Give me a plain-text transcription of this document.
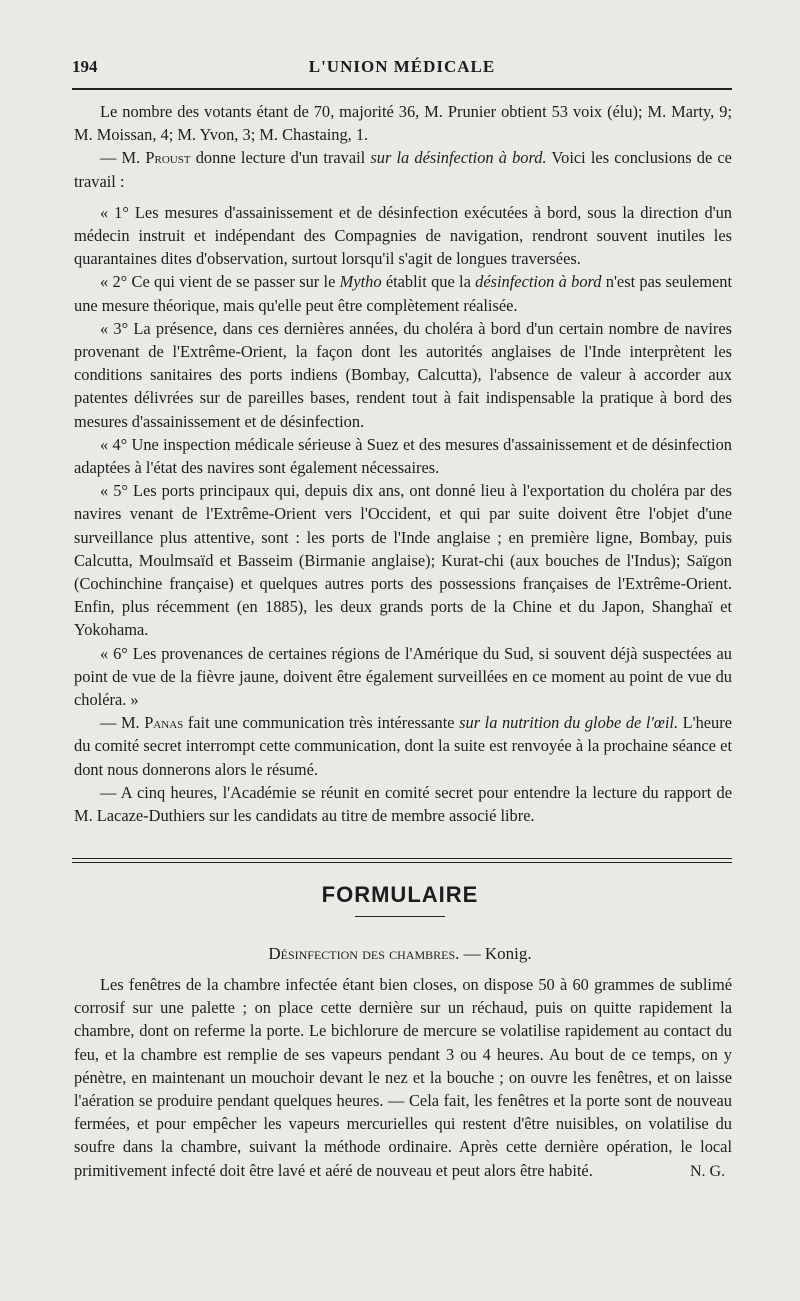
194	L'UNION MÉDICALE

Le nombre des votants étant de 70, majorité 36, M. Prunier obtient 53 voix (élu); M. Marty, 9; M. Moissan, 4; M. Yvon, 3; M. Chastaing, 1.

— M. Proust donne lecture d'un travail sur la désinfection à bord. Voici les conclusions de ce travail :

« 1° Les mesures d'assainissement et de désinfection exécutées à bord, sous la direction d'un médecin instruit et indépendant des Compagnies de navigation, rendront souvent inutiles les quarantaines dites d'observation, surtout lorsqu'il s'agit de longues traversées.

« 2° Ce qui vient de se passer sur le Mytho établit que la désinfection à bord n'est pas seulement une mesure théorique, mais qu'elle peut être complètement réalisée.

« 3° La présence, dans ces dernières années, du choléra à bord d'un certain nombre de navires provenant de l'Extrême-Orient, la façon dont les autorités anglaises de l'Inde interprètent les conditions sanitaires des ports indiens (Bombay, Calcutta), l'absence de valeur à accorder aux patentes délivrées sur de pareilles bases, rendent tout à fait indispensable la pratique à bord des mesures d'assainissement et de désinfection.

« 4° Une inspection médicale sérieuse à Suez et des mesures d'assainissement et de désinfection adaptées à l'état des navires sont également nécessaires.

« 5° Les ports principaux qui, depuis dix ans, ont donné lieu à l'exportation du choléra par des navires venant de l'Extrême-Orient vers l'Occident, et qui par suite doivent être l'objet d'une surveillance plus attentive, sont : les ports de l'Inde anglaise ; en première ligne, Bombay, puis Calcutta, Moulmsaïd et Basseim (Birmanie anglaise); Kurat-chi (aux bouches de l'Indus); Saïgon (Cochinchine française) et quelques autres ports des possessions françaises de l'Extrême-Orient. Enfin, plus récemment (en 1885), les deux grands ports de la Chine et du Japon, Shanghaï et Yokohama.

« 6° Les provenances de certaines régions de l'Amérique du Sud, si souvent déjà suspectées au point de vue de la fièvre jaune, doivent être également surveillées en ce moment au point de vue du choléra. »

— M. Panas fait une communication très intéressante sur la nutrition du globe de l'œil. L'heure du comité secret interrompt cette communication, dont la suite est renvoyée à la prochaine séance et dont nous donnerons alors le résumé.

— A cinq heures, l'Académie se réunit en comité secret pour entendre la lecture du rapport de M. Lacaze-Duthiers sur les candidats au titre de membre associé libre.

FORMULAIRE
Désinfection des chambres. — Konig.

Les fenêtres de la chambre infectée étant bien closes, on dispose 50 à 60 grammes de sublimé corrosif sur une palette ; on place cette dernière sur un réchaud, puis on quitte rapidement la chambre, dont on referme la porte. Le bichlorure de mercure se volatilise rapidement au contact du feu, et la chambre est remplie de ses vapeurs pendant 3 ou 4 heures. Au bout de ce temps, on y pénètre, en maintenant un mouchoir devant le nez et la bouche ; on ouvre les fenêtres, et on laisse l'aération se produire pendant quelques heures. — Cela fait, les fenêtres et la porte sont de nouveau fermées, et pour empêcher les vapeurs mercurielles qui restent d'être nuisibles, on volatilise du soufre dans la chambre, suivant la méthode ordinaire. Après cette dernière opération, le local primitivement infecté doit être lavé et aéré de nouveau et peut alors être habité.	N. G.
